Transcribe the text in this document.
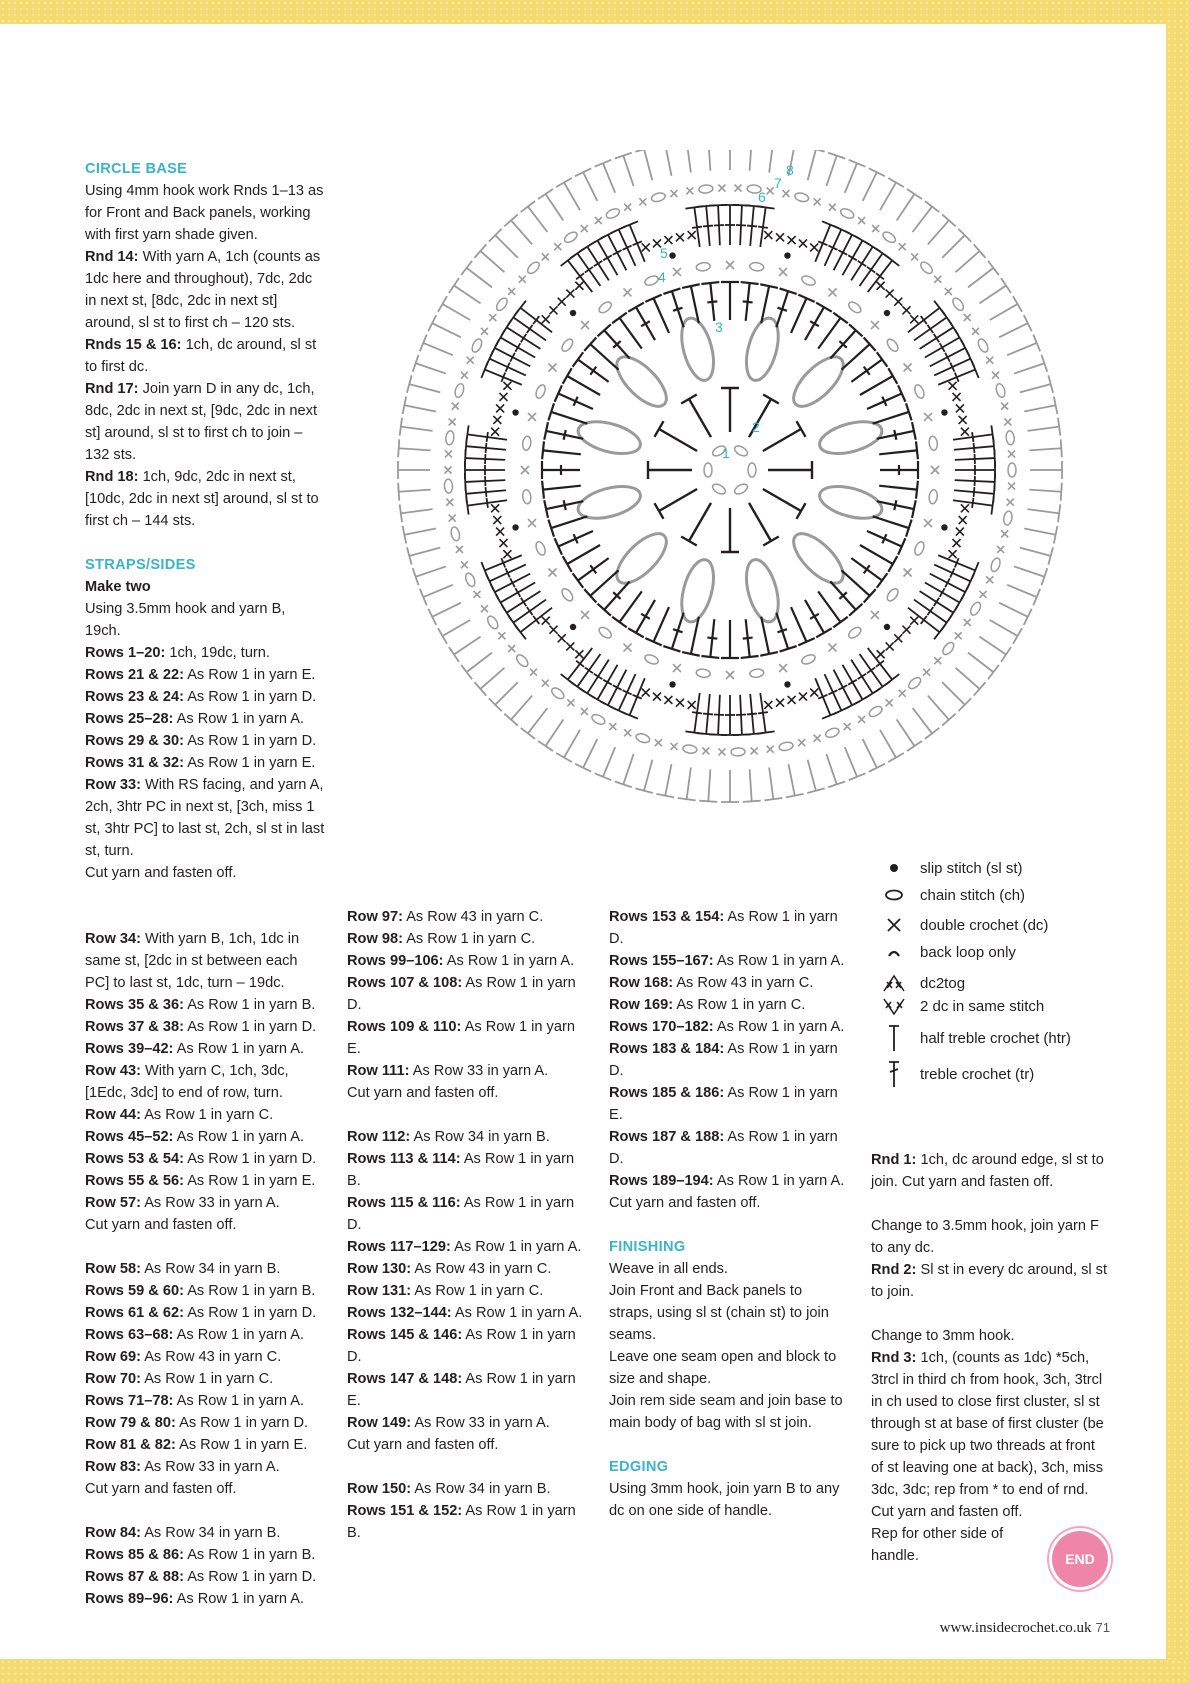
CIRCLE BASE

Using 4mm hook work Rnds 1–13 as for Front and Back panels, working with first yarn shade given.

Rnd 14: With yarn A, 1ch (counts as 1dc here and throughout), 7dc, 2dc in next st, [8dc, 2dc in next st] around, sl st to first ch – 120 sts.

Rnds 15 & 16: 1ch, dc around, sl st to first dc.

Rnd 17: Join yarn D in any dc, 1ch, 8dc, 2dc in next st, [9dc, 2dc in next st] around, sl st to first ch to join – 132 sts.

Rnd 18: 1ch, 9dc, 2dc in next st, [10dc, 2dc in next st] around, sl st to first ch – 144 sts.

STRAPS/SIDES

Make two

Using 3.5mm hook and yarn B, 19ch.

Rows 1–20: 1ch, 19dc, turn.

Rows 21 & 22: As Row 1 in yarn E.

Rows 23 & 24: As Row 1 in yarn D.

Rows 25–28: As Row 1 in yarn A.

Rows 29 & 30: As Row 1 in yarn D.

Rows 31 & 32: As Row 1 in yarn E.

Row 33: With RS facing, and yarn A, 2ch, 3htr PC in next st, [3ch, miss 1 st, 3htr PC] to last st, 2ch, sl st in last st, turn.

Cut yarn and fasten off.

Row 34: With yarn B, 1ch, 1dc in same st, [2dc in st between each PC] to last st, 1dc, turn – 19dc.

Rows 35 & 36: As Row 1 in yarn B.

Rows 37 & 38: As Row 1 in yarn D.

Rows 39–42: As Row 1 in yarn A.

Row 43: With yarn C, 1ch, 3dc, [1Edc, 3dc] to end of row, turn.

Row 44: As Row 1 in yarn C.

Rows 45–52: As Row 1 in yarn A.

Rows 53 & 54: As Row 1 in yarn D.

Rows 55 & 56: As Row 1 in yarn E.

Row 57: As Row 33 in yarn A.

Cut yarn and fasten off.

Row 58: As Row 34 in yarn B.

Rows 59 & 60: As Row 1 in yarn B.

Rows 61 & 62: As Row 1 in yarn D.

Rows 63–68: As Row 1 in yarn A.

Row 69: As Row 43 in yarn C.

Row 70: As Row 1 in yarn C.

Rows 71–78: As Row 1 in yarn A.

Row 79 & 80: As Row 1 in yarn D.

Row 81 & 82: As Row 1 in yarn E.

Row 83: As Row 33 in yarn A.

Cut yarn and fasten off.

Row 84: As Row 34 in yarn B.

Rows 85 & 86: As Row 1 in yarn B.

Rows 87 & 88: As Row 1 in yarn D.

Rows 89–96: As Row 1 in yarn A.

Row 97: As Row 43 in yarn C.

Row 98: As Row 1 in yarn C.

Rows 99–106: As Row 1 in yarn A.

Rows 107 & 108: As Row 1 in yarn D.

Rows 109 & 110: As Row 1 in yarn E.

Row 111: As Row 33 in yarn A.

Cut yarn and fasten off.

Row 112: As Row 34 in yarn B.

Rows 113 & 114: As Row 1 in yarn B.

Rows 115 & 116: As Row 1 in yarn D.

Rows 117–129: As Row 1 in yarn A.

Row 130: As Row 43 in yarn C.

Row 131: As Row 1 in yarn C.

Rows 132–144: As Row 1 in yarn A.

Rows 145 & 146: As Row 1 in yarn D.

Rows 147 & 148: As Row 1 in yarn E.

Row 149: As Row 33 in yarn A.

Cut yarn and fasten off.

Row 150: As Row 34 in yarn B.

Rows 151 & 152: As Row 1 in yarn B.

Rows 153 & 154: As Row 1 in yarn D.

Rows 155–167: As Row 1 in yarn A.

Row 168: As Row 43 in yarn C.

Row 169: As Row 1 in yarn C.

Rows 170–182: As Row 1 in yarn A.

Rows 183 & 184: As Row 1 in yarn D.

Rows 185 & 186: As Row 1 in yarn E.

Rows 187 & 188: As Row 1 in yarn D.

Rows 189–194: As Row 1 in yarn A.

Cut yarn and fasten off.

FINISHING

Weave in all ends.

Join Front and Back panels to straps, using sl st (chain st) to join seams.

Leave one seam open and block to size and shape.

Join rem side seam and join base to main body of bag with sl st join.

EDGING

Using 3mm hook, join yarn B to any dc on one side of handle.

Rnd 1: 1ch, dc around edge, sl st to join. Cut yarn and fasten off.

Change to 3.5mm hook, join yarn F to any dc.

Rnd 2: Sl st in every dc around, sl st to join.

Change to 3mm hook.

Rnd 3: 1ch, (counts as 1dc) *5ch, 3trcl in third ch from hook, 3ch, 3trcl in ch used to close first cluster, sl st through st at base of first cluster (be sure to pick up two threads at front of st leaving one at back), 3ch, miss 3dc, 3dc; rep from * to end of rnd.

Cut yarn and fasten off.

Rep for other side of handle.

1
2
3
4
5
6
7
8
slip stitch (sl st)
chain stitch (ch)
double crochet (dc)
back loop only
dc2tog
2 dc in same stitch
half treble crochet (htr)
treble crochet (tr)
END
www.insidecrochet.co.uk 71
